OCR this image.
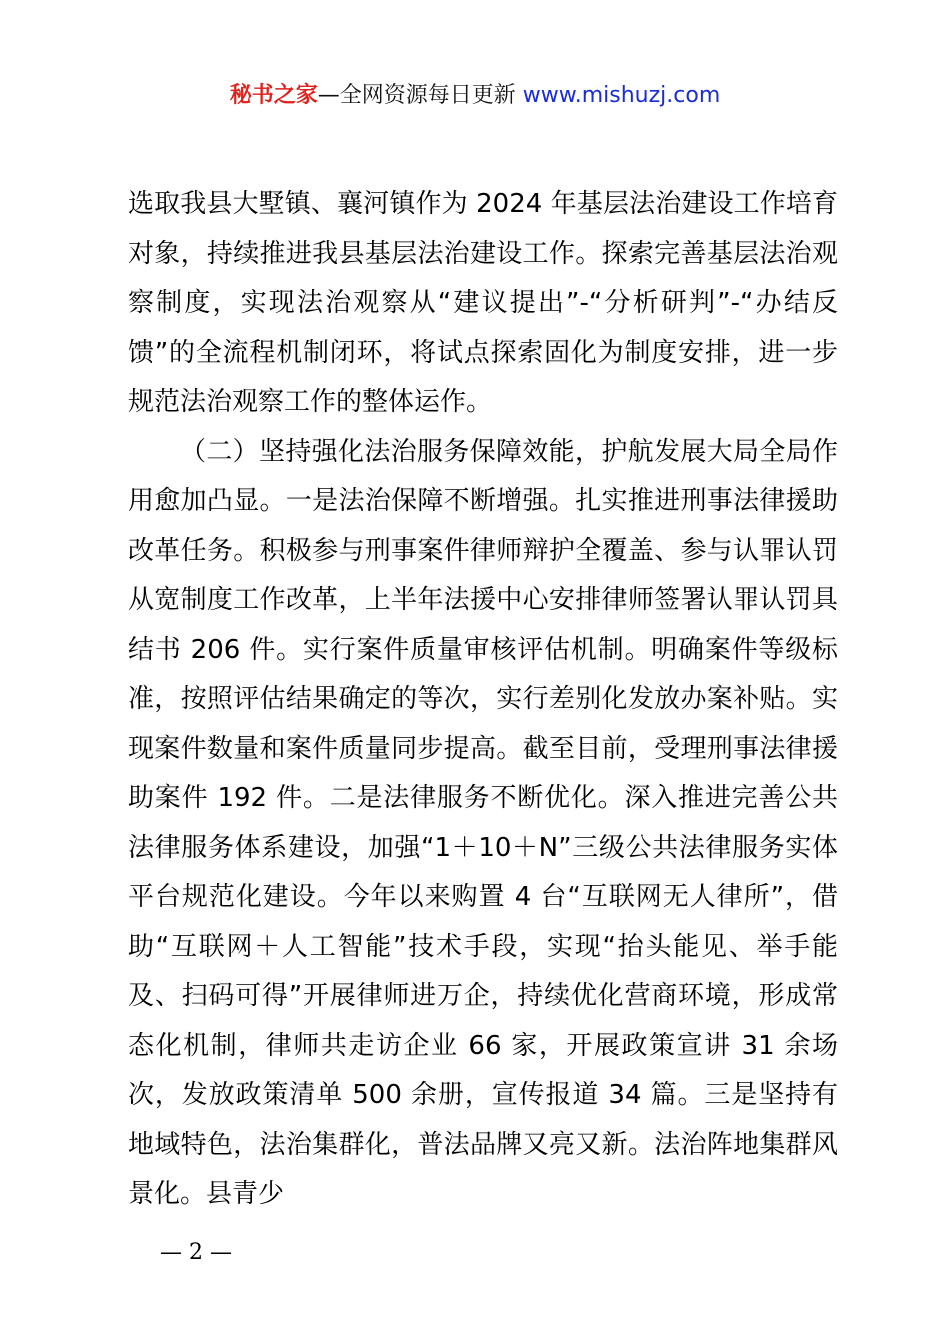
秘书之家—全网资源每日更新 www.mishuzj.com

选取我县大墅镇、襄河镇作为 2024 年基层法治建设工作培育对象，持续推进我县基层法治建设工作。探索完善基层法治观察制度，实现法治观察从“建议提出”-“分析研判”-“办结反馈”的全流程机制闭环，将试点探索固化为制度安排，进一步规范法治观察工作的整体运作。

（二）坚持强化法治服务保障效能，护航发展大局全局作用愈加凸显。一是法治保障不断增强。扎实推进刑事法律援助改革任务。积极参与刑事案件律师辩护全覆盖、参与认罪认罚从宽制度工作改革，上半年法援中心安排律师签署认罪认罚具结书 206 件。实行案件质量审核评估机制。明确案件等级标准，按照评估结果确定的等次，实行差别化发放办案补贴。实现案件数量和案件质量同步提高。截至目前，受理刑事法律援助案件 192 件。二是法律服务不断优化。深入推进完善公共法律服务体系建设，加强“1＋10＋N”三级公共法律服务实体平台规范化建设。今年以来购置 4 台“互联网无人律所”，借助“互联网＋人工智能”技术手段，实现“抬头能见、举手能及、扫码可得”开展律师进万企，持续优化营商环境，形成常态化机制，律师共走访企业 66 家，开展政策宣讲 31 余场次，发放政策清单 500 余册，宣传报道 34 篇。三是坚持有地域特色，法治集群化，普法品牌又亮又新。法治阵地集群风景化。县青少

— 2 —
